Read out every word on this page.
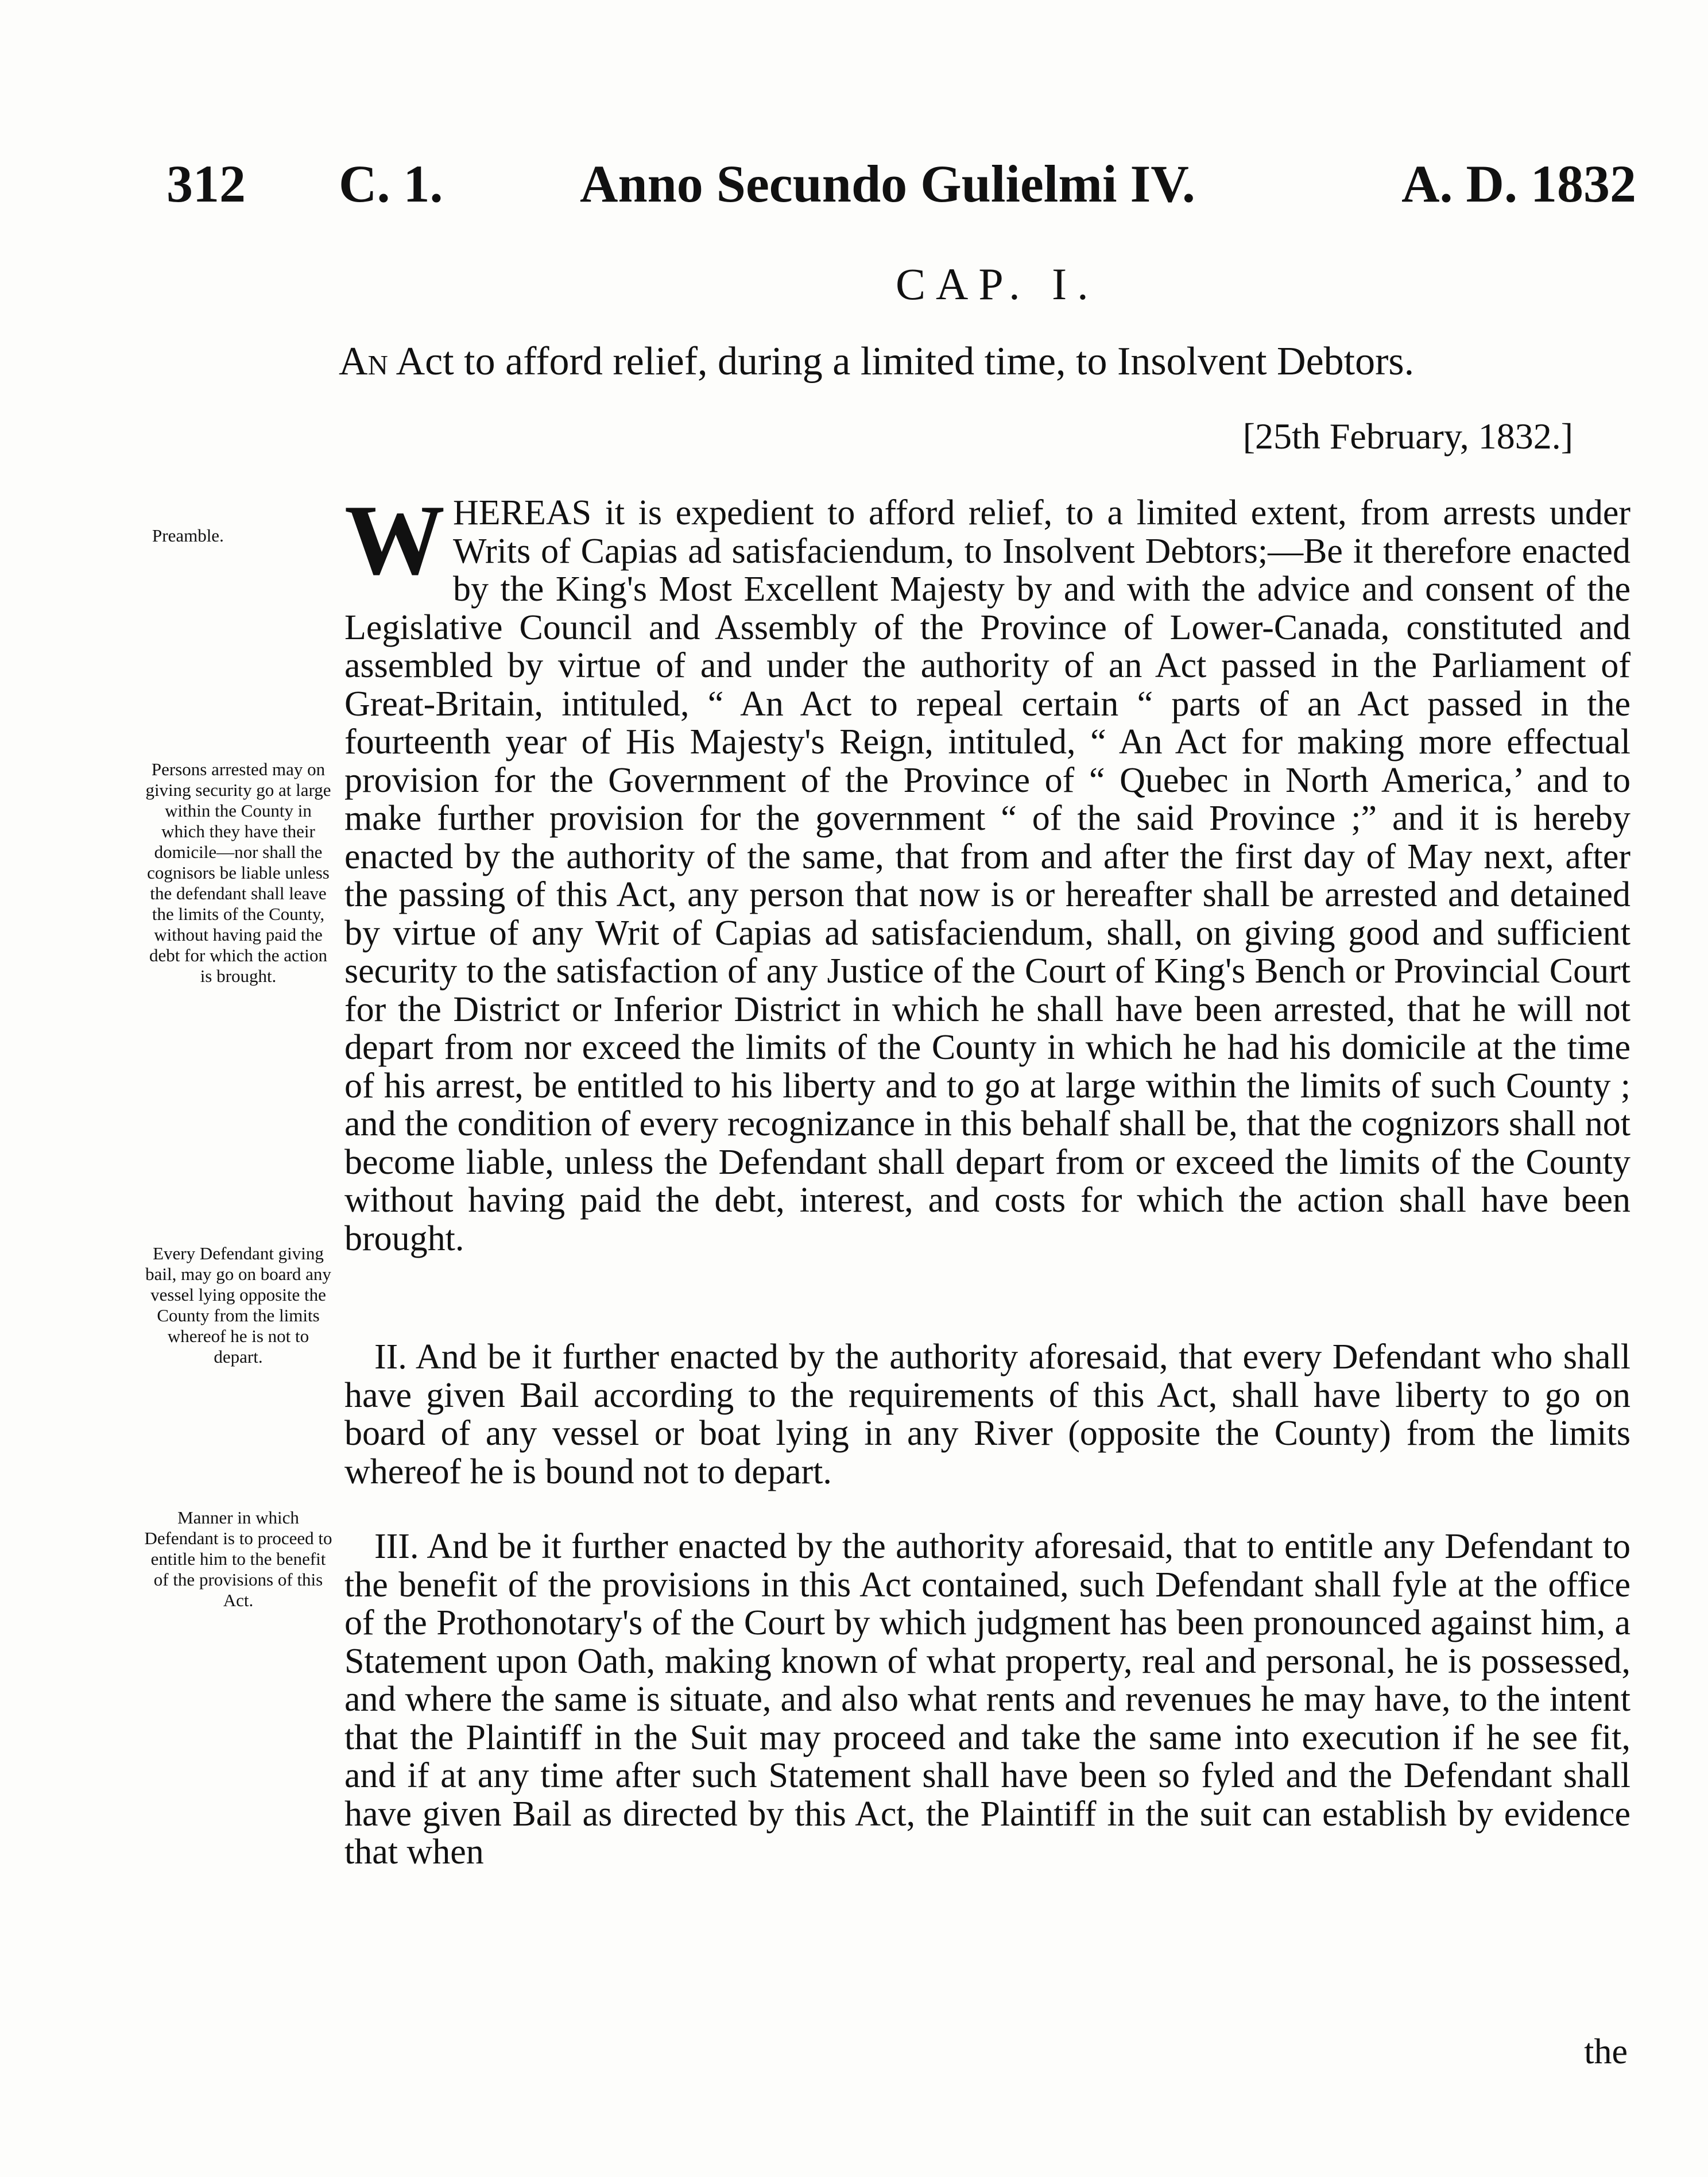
312 C. 1.	Anno Secundo Gulielmi IV.	A. D. 1832
CAP. I.
An Act to afford relief, during a limited time, to Insolvent Debtors.
[25th February, 1832.]
Preamble.
Persons arrested may on giving security go at large within the County in which they have their domicile—nor shall the cognisors be liable unless the defendant shall leave the limits of the County, without having paid the debt for which the action is brought.
Every Defendant giving bail, may go on board any vessel lying opposite the County from the limits whereof he is not to depart.
Manner in which Defendant is to proceed to entitle him to the benefit of the provisions of this Act.
WHEREAS it is expedient to afford relief, to a limited extent, from arrests under Writs of Capias ad satisfaciendum, to Insolvent Debtors;—Be it therefore enacted by the King's Most Excellent Majesty by and with the advice and consent of the Legislative Council and Assembly of the Province of Lower-Canada, constituted and assembled by virtue of and under the authority of an Act passed in the Parliament of Great-Britain, intituled, “ An Act to repeal certain “ parts of an Act passed in the fourteenth year of His Majesty's Reign, intituled, “ An Act for making more effectual provision for the Government of the Province of “ Quebec in North America,’ and to make further provision for the government “ of the said Province ;” and it is hereby enacted by the authority of the same, that from and after the first day of May next, after the passing of this Act, any person that now is or hereafter shall be arrested and detained by virtue of any Writ of Capias ad satisfaciendum, shall, on giving good and sufficient security to the satisfaction of any Justice of the Court of King's Bench or Provincial Court for the District or Inferior District in which he shall have been arrested, that he will not depart from nor exceed the limits of the County in which he had his domicile at the time of his arrest, be entitled to his liberty and to go at large within the limits of such County ; and the condition of every recognizance in this behalf shall be, that the cognizors shall not become liable, unless the Defendant shall depart from or exceed the limits of the County without having paid the debt, interest, and costs for which the action shall have been brought.
II. And be it further enacted by the authority aforesaid, that every Defendant who shall have given Bail according to the requirements of this Act, shall have liberty to go on board of any vessel or boat lying in any River (opposite the County) from the limits whereof he is bound not to depart.
III. And be it further enacted by the authority aforesaid, that to entitle any Defendant to the benefit of the provisions in this Act contained, such Defendant shall fyle at the office of the Prothonotary's of the Court by which judgment has been pronounced against him, a Statement upon Oath, making known of what property, real and personal, he is possessed, and where the same is situate, and also what rents and revenues he may have, to the intent that the Plaintiff in the Suit may proceed and take the same into execution if he see fit, and if at any time after such Statement shall have been so fyled and the Defendant shall have given Bail as directed by this Act, the Plaintiff in the suit can establish by evidence that when
the
